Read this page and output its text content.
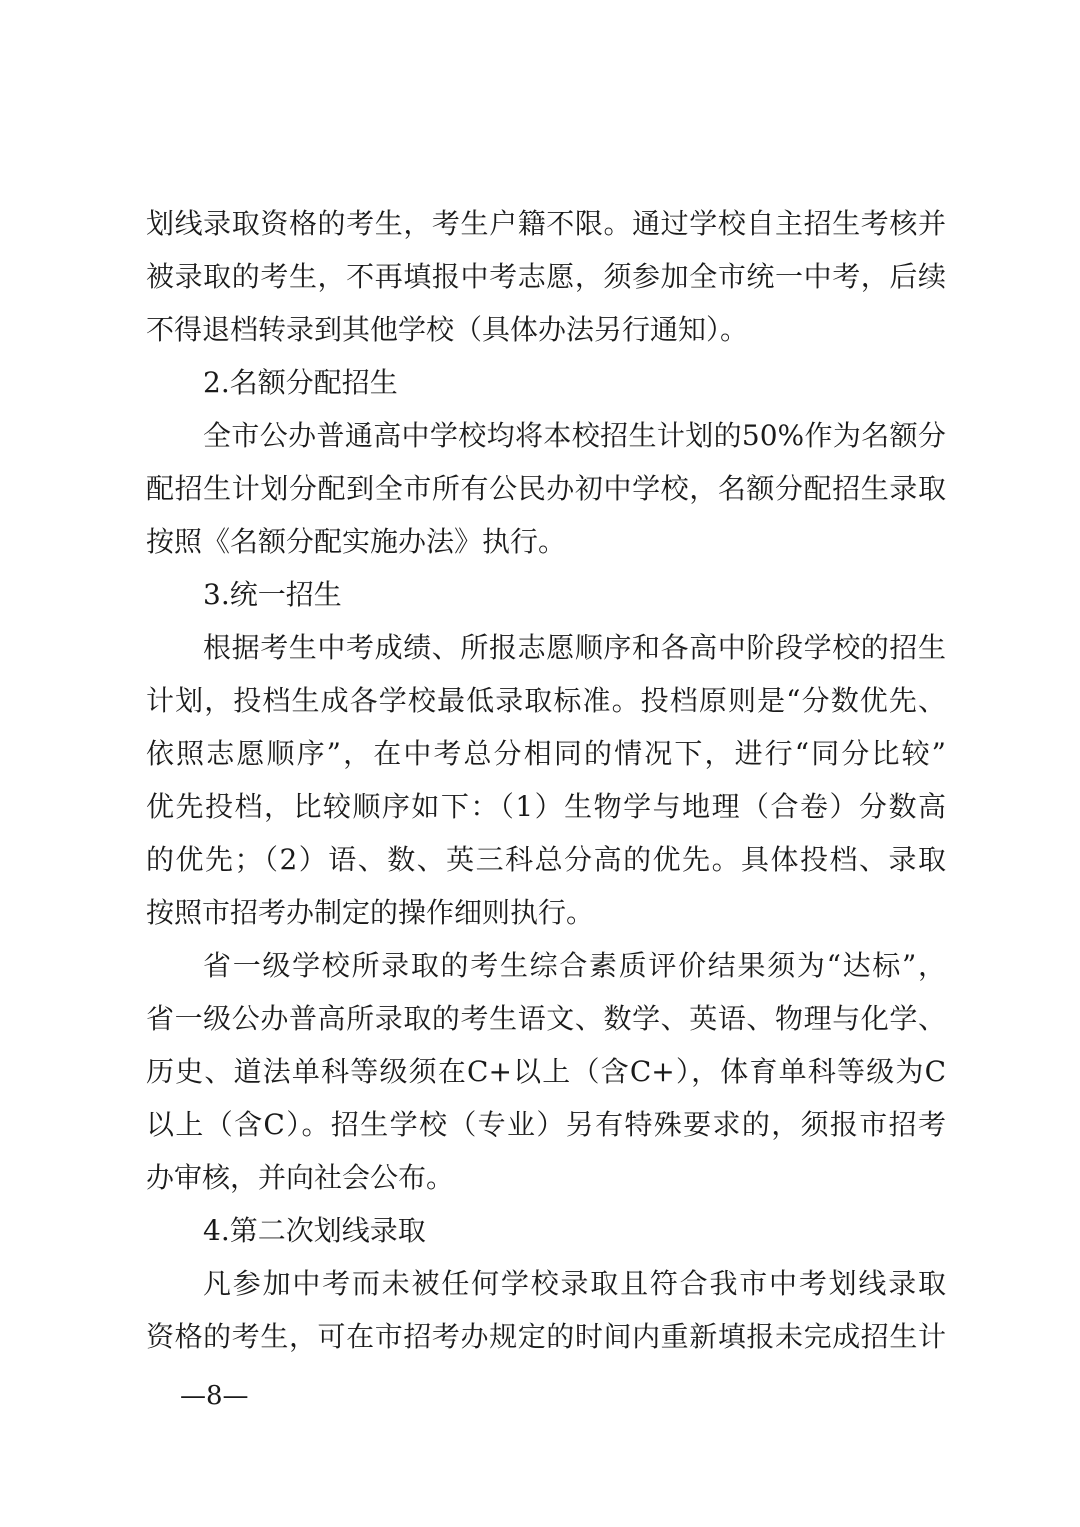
划线录取资格的考生，考生户籍不限。通过学校自主招生考核并
被录取的考生，不再填报中考志愿，须参加全市统一中考，后续
不得退档转录到其他学校（具体办法另行通知）。
2.名额分配招生
全市公办普通高中学校均将本校招生计划的50%作为名额分
配招生计划分配到全市所有公民办初中学校，名额分配招生录取
按照《名额分配实施办法》执行。
3.统一招生
根据考生中考成绩、所报志愿顺序和各高中阶段学校的招生
计划，投档生成各学校最低录取标准。投档原则是“分数优先、
依照志愿顺序”，在中考总分相同的情况下，进行“同分比较”
优先投档，比较顺序如下：（1）生物学与地理（合卷）分数高
的优先；（2）语、数、英三科总分高的优先。具体投档、录取
按照市招考办制定的操作细则执行。
省一级学校所录取的考生综合素质评价结果须为“达标”，
省一级公办普高所录取的考生语文、数学、英语、物理与化学、
历史、道法单科等级须在C+以上（含C+），体育单科等级为C
以上（含C）。招生学校（专业）另有特殊要求的，须报市招考
办审核，并向社会公布。
4.第二次划线录取
凡参加中考而未被任何学校录取且符合我市中考划线录取
资格的考生，可在市招考办规定的时间内重新填报未完成招生计
—8—
